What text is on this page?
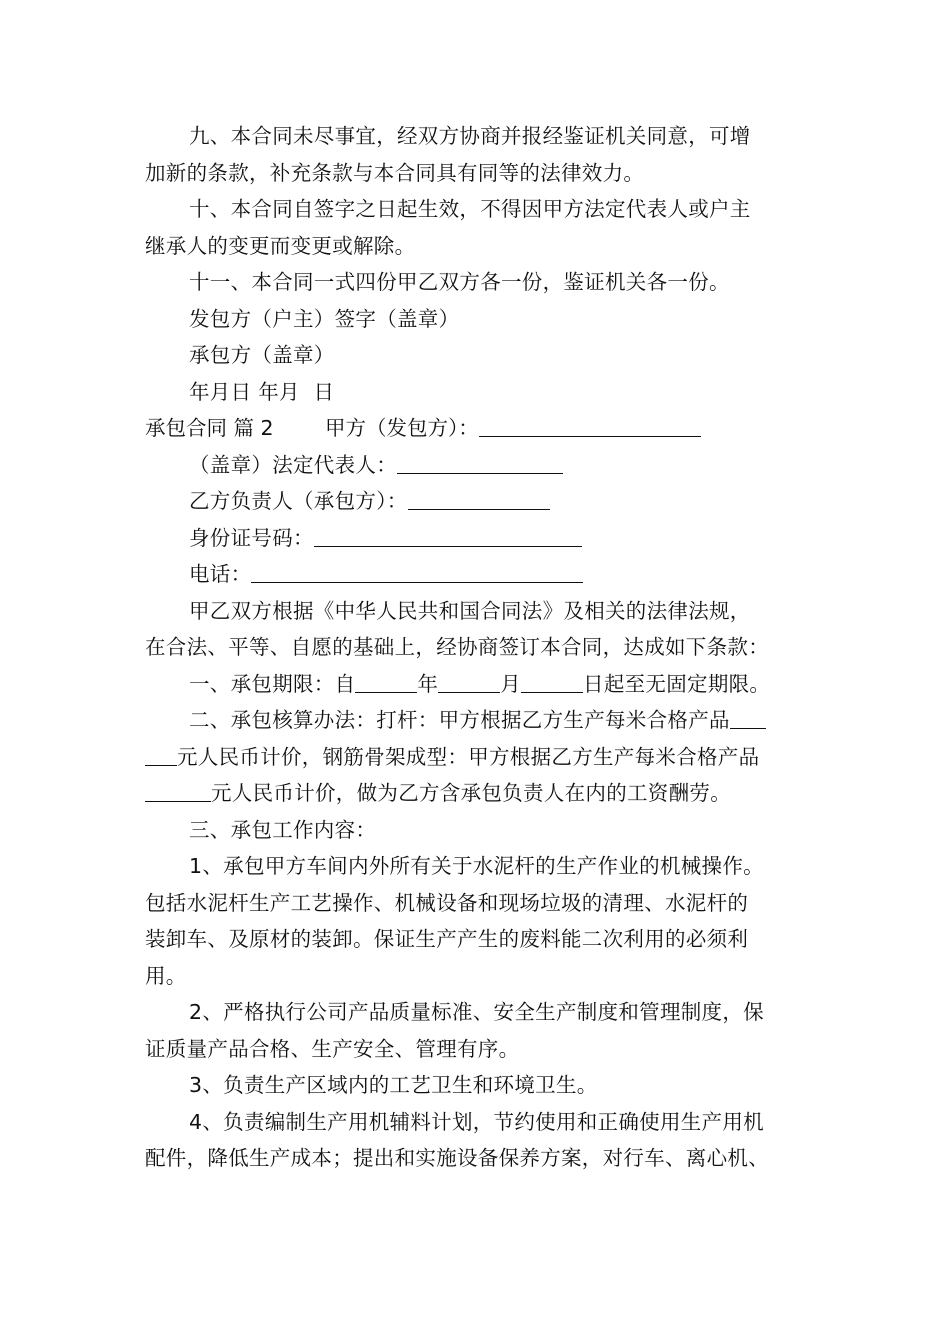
九、本合同未尽事宜，经双方协商并报经鉴证机关同意，可增
加新的条款，补充条款与本合同具有同等的法律效力。
十、本合同自签字之日起生效，不得因甲方法定代表人或户主
继承人的变更而变更或解除。
十一、本合同一式四份甲乙双方各一份，鉴证机关各一份。
发包方（户主）签字（盖章）
承包方（盖章）
年月日 年月  日
承包合同 篇 2	甲方（发包方）：
（盖章）法定代表人：
乙方负责人（承包方）：
身份证号码：
电话：
甲乙双方根据《中华人民共和国合同法》及相关的法律法规，
在合法、平等、自愿的基础上，经协商签订本合同，达成如下条款：
一、承包期限：自	年	月	日起至无固定期限。
二、承包核算办法：打杆：甲方根据乙方生产每米合格产品
元人民币计价，钢筋骨架成型：甲方根据乙方生产每米合格产品
元人民币计价，做为乙方含承包负责人在内的工资酬劳。
三、承包工作内容：
1、承包甲方车间内外所有关于水泥杆的生产作业的机械操作。
包括水泥杆生产工艺操作、机械设备和现场垃圾的清理、水泥杆的
装卸车、及原材的装卸。保证生产产生的废料能二次利用的必须利
用。
2、严格执行公司产品质量标准、安全生产制度和管理制度，保
证质量产品合格、生产安全、管理有序。
3、负责生产区域内的工艺卫生和环境卫生。
4、负责编制生产用机辅料计划，节约使用和正确使用生产用机
配件，降低生产成本；提出和实施设备保养方案，对行车、离心机、
